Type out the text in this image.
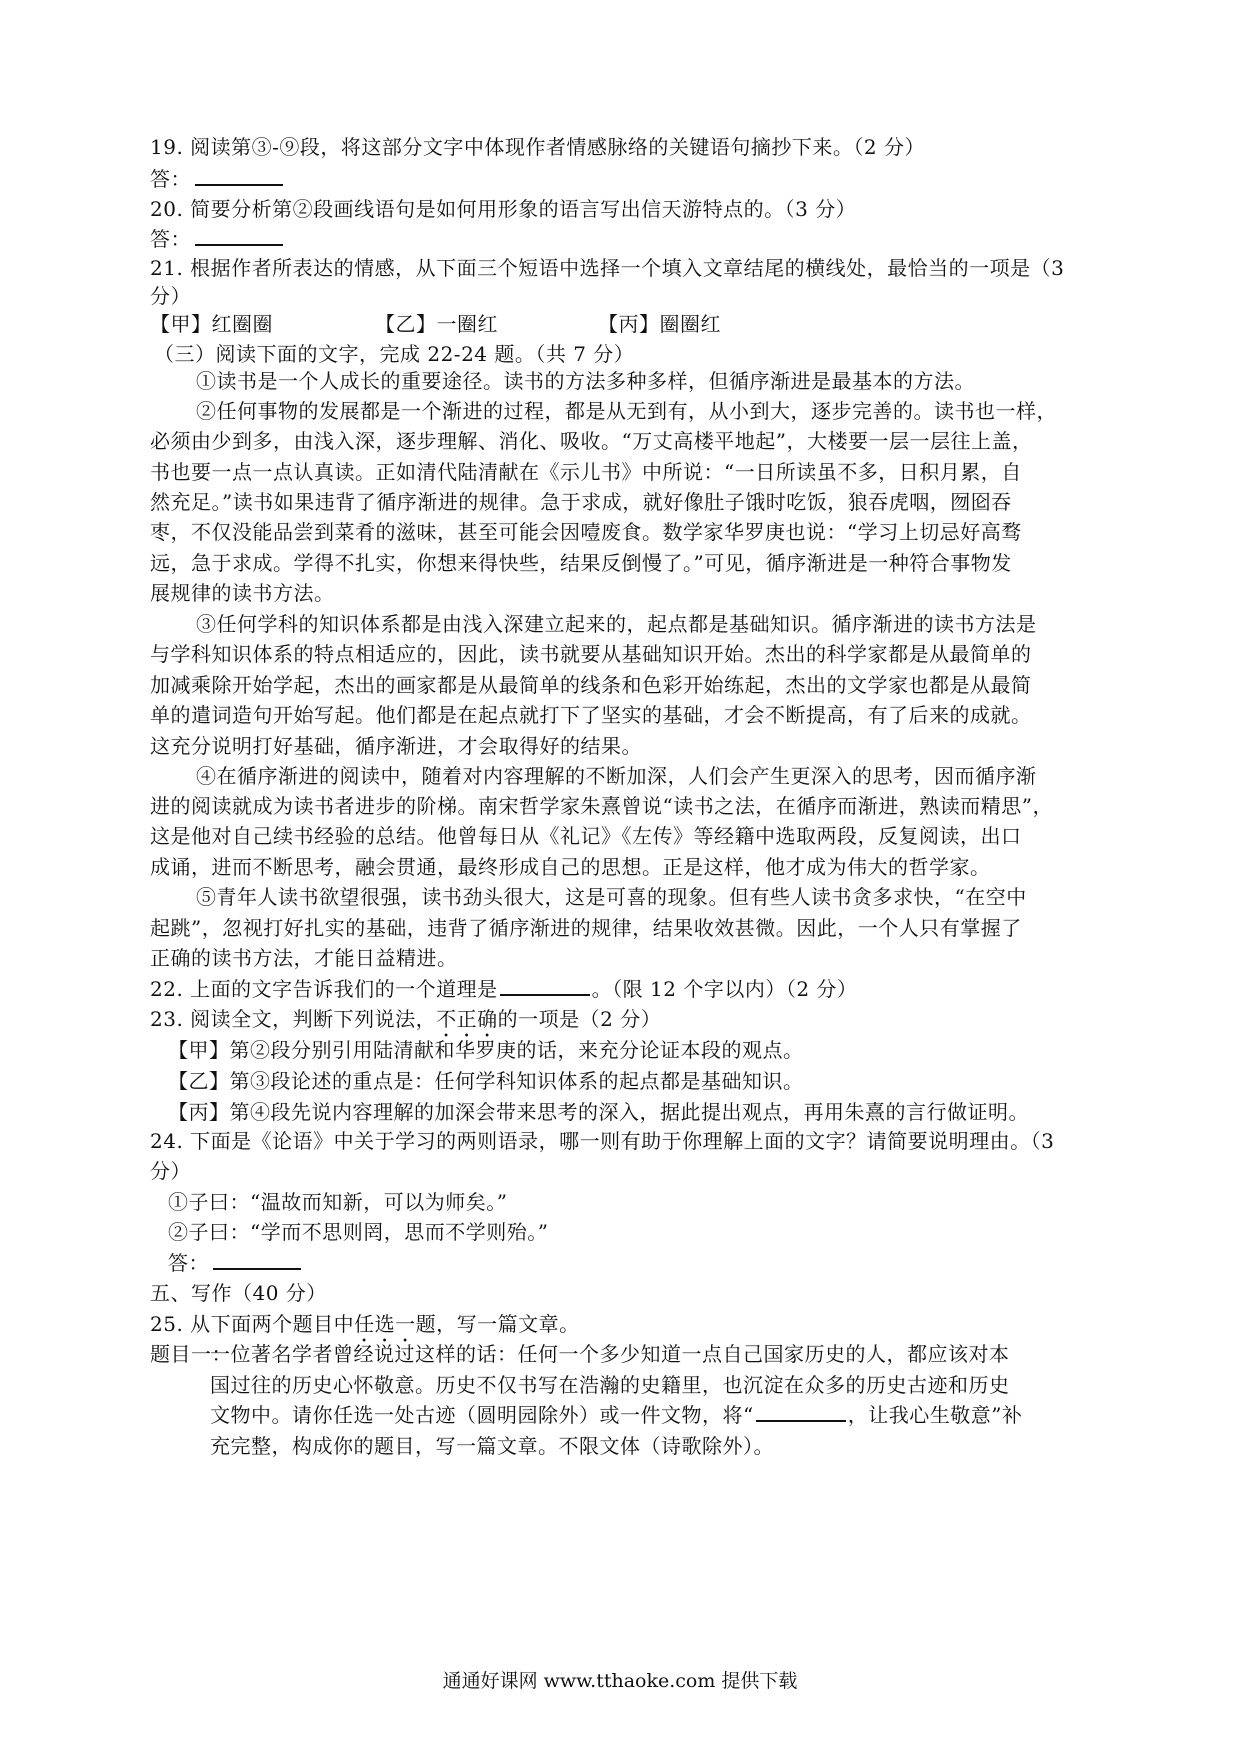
19. 阅读第③-⑨段，将这部分文字中体现作者情感脉络的关键语句摘抄下来。（2 分）
答：
20. 简要分析第②段画线语句是如何用形象的语言写出信天游特点的。（3 分）
答：
21. 根据作者所表达的情感，从下面三个短语中选择一个填入文章结尾的横线处，最恰当的一项是（3
分）
【甲】红圈圈	【乙】一圈红	【丙】圈圈红
（三）阅读下面的文字，完成 22-24 题。（共 7 分）
①读书是一个人成长的重要途径。读书的方法多种多样，但循序渐进是最基本的方法。
②任何事物的发展都是一个渐进的过程，都是从无到有，从小到大，逐步完善的。读书也一样，
必须由少到多，由浅入深，逐步理解、消化、吸收。“万丈高楼平地起”，大楼要一层一层往上盖，
书也要一点一点认真读。正如清代陆清献在《示儿书》中所说：“一日所读虽不多，日积月累，自
然充足。”读书如果违背了循序渐进的规律。急于求成，就好像肚子饿时吃饭，狼吞虎咽，囫囵吞
枣，不仅没能品尝到菜肴的滋味，甚至可能会因噎废食。数学家华罗庚也说：“学习上切忌好高骛
远，急于求成。学得不扎实，你想来得快些，结果反倒慢了。”可见，循序渐进是一种符合事物发
展规律的读书方法。
③任何学科的知识体系都是由浅入深建立起来的，起点都是基础知识。循序渐进的读书方法是
与学科知识体系的特点相适应的，因此，读书就要从基础知识开始。杰出的科学家都是从最简单的
加减乘除开始学起，杰出的画家都是从最简单的线条和色彩开始练起，杰出的文学家也都是从最简
单的遣词造句开始写起。他们都是在起点就打下了坚实的基础，才会不断提高，有了后来的成就。
这充分说明打好基础，循序渐进，才会取得好的结果。
④在循序渐进的阅读中，随着对内容理解的不断加深，人们会产生更深入的思考，因而循序渐
进的阅读就成为读书者进步的阶梯。南宋哲学家朱熹曾说“读书之法，在循序而渐进，熟读而精思”，
这是他对自己续书经验的总结。他曾每日从《礼记》《左传》等经籍中选取两段，反复阅读，出口
成诵，进而不断思考，融会贯通，最终形成自己的思想。正是这样，他才成为伟大的哲学家。
⑤青年人读书欲望很强，读书劲头很大，这是可喜的现象。但有些人读书贪多求快，“在空中
起跳”，忽视打好扎实的基础，违背了循序渐进的规律，结果收效甚微。因此，一个人只有掌握了
正确的读书方法，才能日益精进。
22. 上面的文字告诉我们的一个道理是	。（限 12 个字以内）（2 分）
23. 阅读全文，判断下列说法，不正确的一项是（2 分）
【甲】第②段分别引用陆清献和华罗庚的话，来充分论证本段的观点。
【乙】第③段论述的重点是：任何学科知识体系的起点都是基础知识。
【丙】第④段先说内容理解的加深会带来思考的深入，据此提出观点，再用朱熹的言行做证明。
24. 下面是《论语》中关于学习的两则语录，哪一则有助于你理解上面的文字？请简要说明理由。（3
分）
①子曰：“温故而知新，可以为师矣。”
②子曰：“学而不思则罔，思而不学则殆。”
答：
五、写作（40 分）
25. 从下面两个题目中任选一题，写一篇文章。
题目一：
一位著名学者曾经说过这样的话：任何一个多少知道一点自己国家历史的人，都应该对本
国过往的历史心怀敬意。历史不仅书写在浩瀚的史籍里，也沉淀在众多的历史古迹和历史
文物中。请你任选一处古迹（圆明园除外）或一件文物，将“	，让我心生敬意”补
充完整，构成你的题目，写一篇文章。不限文体（诗歌除外）。
通通好课网 www.tthaoke.com 提供下载
